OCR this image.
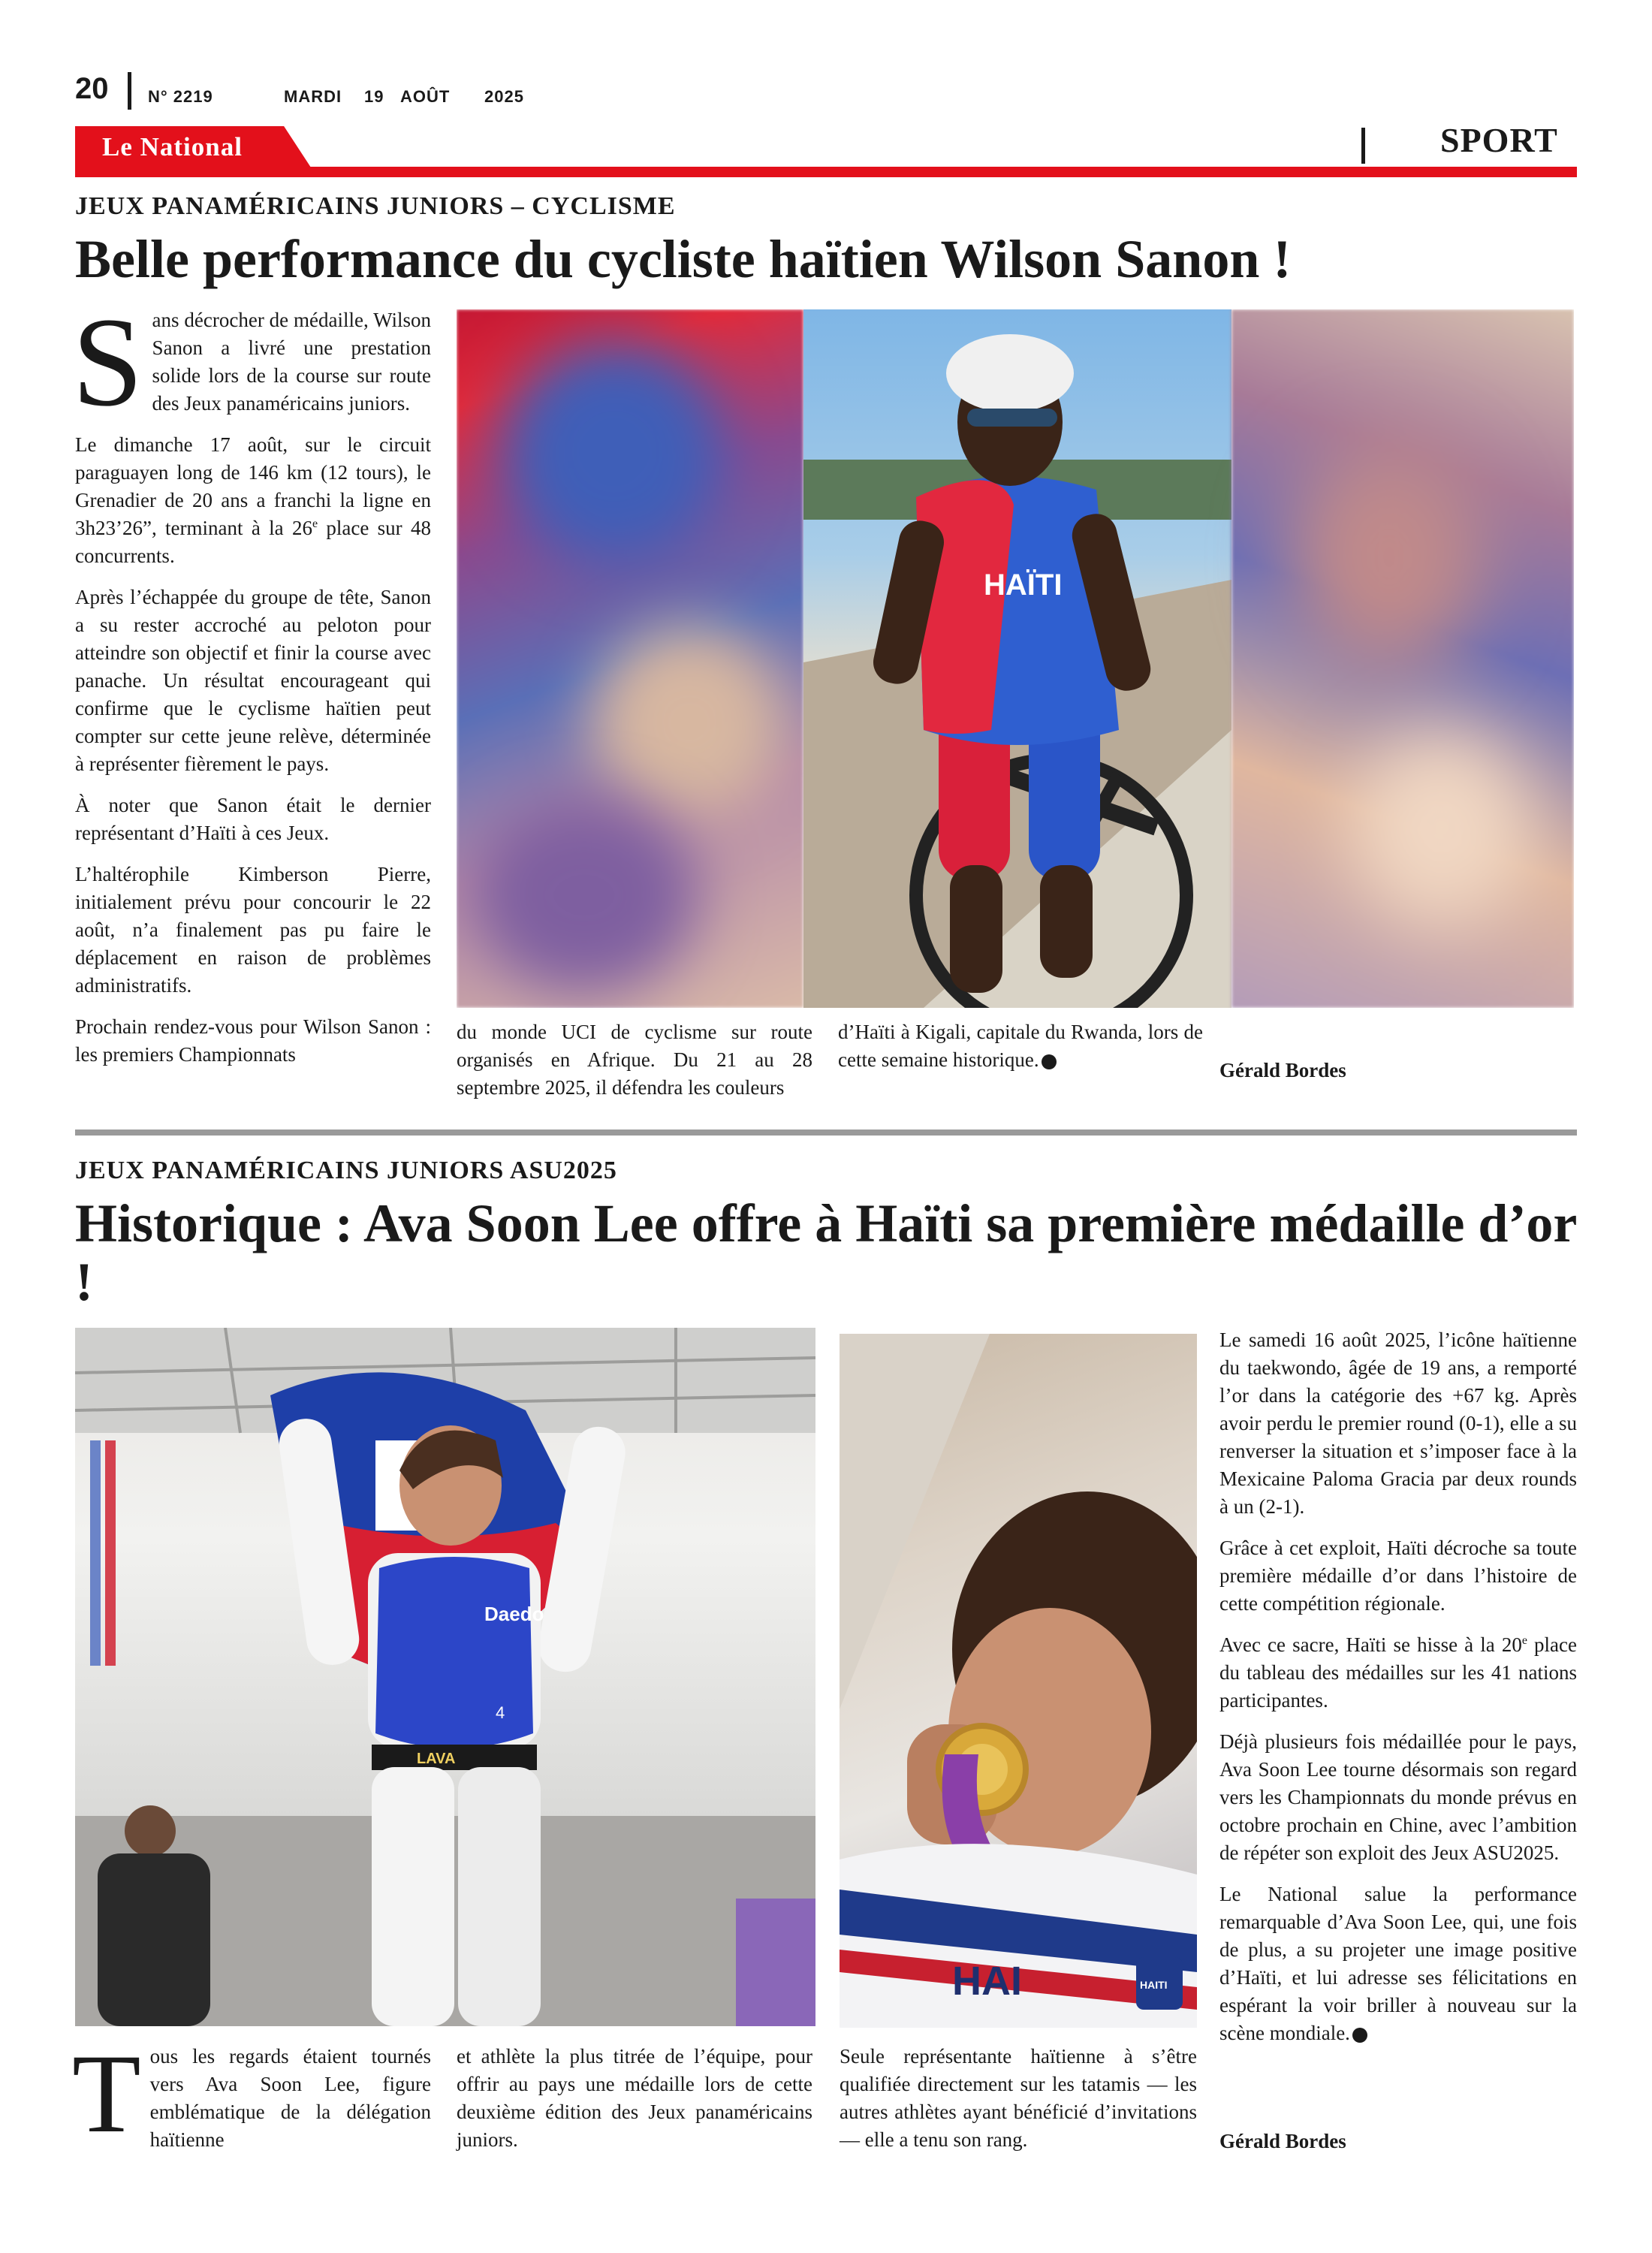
20 N° 2219	MARDI 19 AOÛT 2025
Le National	SPORT
JEUX PANAMÉRICAINS JUNIORS – CYCLISME
Belle performance du cycliste haïtien Wilson Sanon !

Sans décrocher de médaille, Wilson Sanon a livré une prestation solide lors de la course sur route des Jeux panaméricains juniors.

Le dimanche 17 août, sur le circuit paraguayen long de 146 km (12 tours), le Grenadier de 20 ans a franchi la ligne en 3h23’26”, terminant à la 26e place sur 48 concurrents.

Après l’échappée du groupe de tête, Sanon a su rester accroché au peloton pour atteindre son objectif et finir la course avec panache. Un résultat encourageant qui confirme que le cyclisme haïtien peut compter sur cette jeune relève, déterminée à représenter fièrement le pays.

À noter que Sanon était le dernier représentant d’Haïti à ces Jeux.

L’haltérophile Kimberson Pierre, initialement prévu pour concourir le 22 août, n’a finalement pas pu faire le déplacement en raison de problèmes administratifs.

Prochain rendez-vous pour Wilson Sanon : les premiers Championnats

HAÏTI

du monde UCI de cyclisme sur route organisés en Afrique. Du 21 au 28 septembre 2025, il défendra les couleurs

d’Haïti à Kigali, capitale du Rwanda, lors de cette semaine historique.	Gérald Bordes
JEUX PANAMÉRICAINS JUNIORS ASU2025
Historique : Ava Soon Lee offre à Haïti sa première médaille d’or !
Daedo
4
LAVA
HAI	HAITI

Tous les regards étaient tournés vers Ava Soon Lee, figure emblématique de la délégation haïtienne

et athlète la plus titrée de l’équipe, pour offrir au pays une médaille lors de cette deuxième édition des Jeux panaméricains juniors.

Seule représentante haïtienne à s’être qualifiée directement sur les tatamis — les autres athlètes ayant bénéficié d’invitations — elle a tenu son rang.

Le samedi 16 août 2025, l’icône haïtienne du taekwondo, âgée de 19 ans, a remporté l’or dans la catégorie des +67 kg. Après avoir perdu le premier round (0-1), elle a su renverser la situation et s’imposer face à la Mexicaine Paloma Gracia par deux rounds à un (2-1).

Grâce à cet exploit, Haïti décroche sa toute première médaille d’or dans l’histoire de cette compétition régionale.

Avec ce sacre, Haïti se hisse à la 20e place du tableau des médailles sur les 41 nations participantes.

Déjà plusieurs fois médaillée pour le pays, Ava Soon Lee tourne désormais son regard vers les Championnats du monde prévus en octobre prochain en Chine, avec l’ambition de répéter son exploit des Jeux ASU2025.

Le National salue la performance remarquable d’Ava Soon Lee, qui, une fois de plus, a su projeter une image positive d’Haïti, et lui adresse ses félicitations en espérant la voir briller à nouveau sur la scène mondiale.

Gérald Bordes
